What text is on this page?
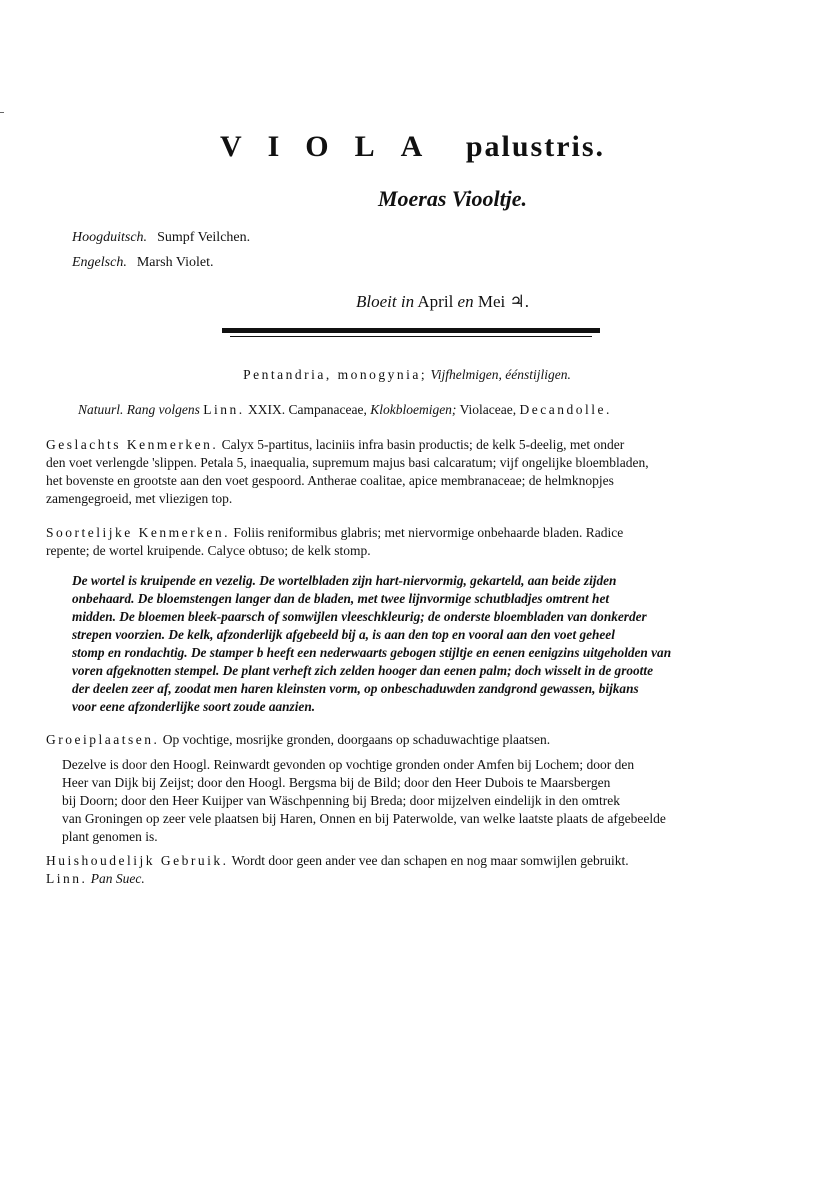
VIOLA palustris.
Moeras Viooltje.
Hoogduitsch. Sumpf Veilchen.
Engelsch. Marsh Violet.
Bloeit in April en Mei ♃.
Pentandria, monogynia; Vijfhelmigen, éénstijligen.
Natuurl. Rang volgens Linn. XXIX. Campanaceae, Klokbloemigen; Violaceae, Decandolle.
Geslachts Kenmerken. Calyx 5-partitus, laciniis infra basin productis; de kelk 5-deelig, met onder
den voet verlengde 'slippen. Petala 5, inaequalia, supremum majus basi calcaratum; vijf ongelijke bloembladen,
het bovenste en grootste aan den voet gespoord. Antherae coalitae, apice membranaceae; de helmknopjes
zamengegroeid, met vliezigen top.
Soortelijke Kenmerken. Foliis reniformibus glabris; met niervormige onbehaarde bladen. Radice
repente; de wortel kruipende. Calyce obtuso; de kelk stomp.
De wortel is kruipende en vezelig. De wortelbladen zijn hart-niervormig, gekarteld, aan beide zijden
onbehaard. De bloemstengen langer dan de bladen, met twee lijnvormige schutbladjes omtrent het
midden. De bloemen bleek-paarsch of somwijlen vleeschkleurig; de onderste bloembladen van donkerder
strepen voorzien. De kelk, afzonderlijk afgebeeld bij a, is aan den top en vooral aan den voet geheel
stomp en rondachtig. De stamper b heeft een nederwaarts gebogen stijltje en eenen eenigzins uitgeholden van
voren afgeknotten stempel. De plant verheft zich zelden hooger dan eenen palm; doch wisselt in de grootte
der deelen zeer af, zoodat men haren kleinsten vorm, op onbeschaduwden zandgrond gewassen, bijkans
voor eene afzonderlijke soort zoude aanzien.
Groeiplaatsen. Op vochtige, mosrijke gronden, doorgaans op schaduwachtige plaatsen.
Dezelve is door den Hoogl. Reinwardt gevonden op vochtige gronden onder Amfen bij Lochem; door den
Heer van Dijk bij Zeijst; door den Hoogl. Bergsma bij de Bild; door den Heer Dubois te Maarsbergen
bij Doorn; door den Heer Kuijper van Wäschpenning bij Breda; door mijzelven eindelijk in den omtrek
van Groningen op zeer vele plaatsen bij Haren, Onnen en bij Paterwolde, van welke laatste plaats de afgebeelde
plant genomen is.
Huishoudelijk Gebruik. Wordt door geen ander vee dan schapen en nog maar somwijlen gebruikt.
Linn. Pan Suec.
